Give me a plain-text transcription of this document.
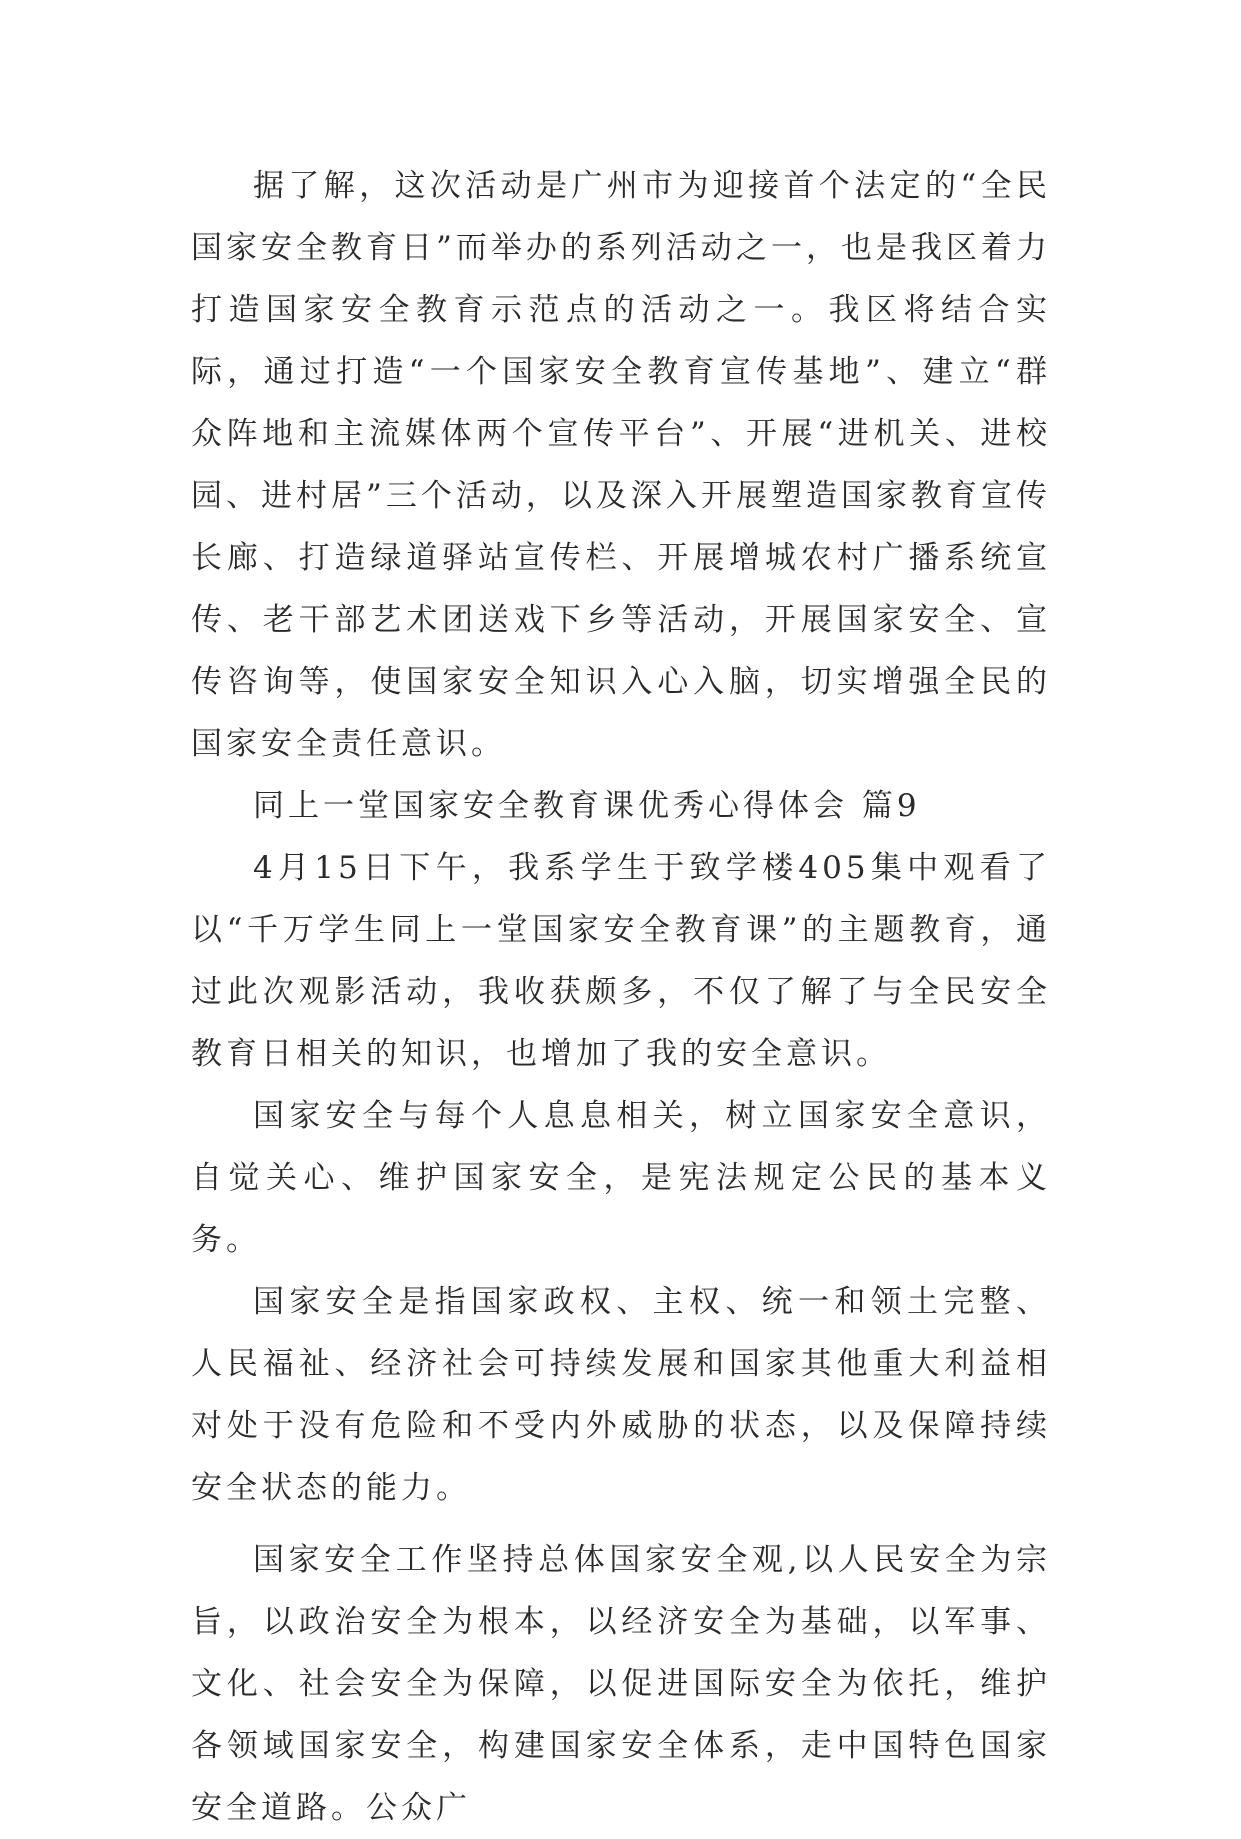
据了解，这次活动是广州市为迎接首个法定的“全民国家安全教育日”而举办的系列活动之一，也是我区着力打造国家安全教育示范点的活动之一。我区将结合实际，通过打造“一个国家安全教育宣传基地”、建立“群众阵地和主流媒体两个宣传平台”、开展“进机关、进校园、进村居”三个活动，以及深入开展塑造国家教育宣传长廊、打造绿道驿站宣传栏、开展增城农村广播系统宣传、老干部艺术团送戏下乡等活动，开展国家安全、宣传咨询等，使国家安全知识入心入脑，切实增强全民的国家安全责任意识。

同上一堂国家安全教育课优秀心得体会 篇9

4月15日下午，我系学生于致学楼405集中观看了以“千万学生同上一堂国家安全教育课”的主题教育，通过此次观影活动，我收获颇多，不仅了解了与全民安全教育日相关的知识，也增加了我的安全意识。

国家安全与每个人息息相关，树立国家安全意识，自觉关心、维护国家安全，是宪法规定公民的基本义务。

国家安全是指国家政权、主权、统一和领土完整、人民福祉、经济社会可持续发展和国家其他重大利益相对处于没有危险和不受内外威胁的状态，以及保障持续安全状态的能力。

国家安全工作坚持总体国家安全观,以人民安全为宗旨，以政治安全为根本，以经济安全为基础，以军事、文化、社会安全为保障，以促进国际安全为依托，维护各领域国家安全，构建国家安全体系，走中国特色国家安全道路。公众广
